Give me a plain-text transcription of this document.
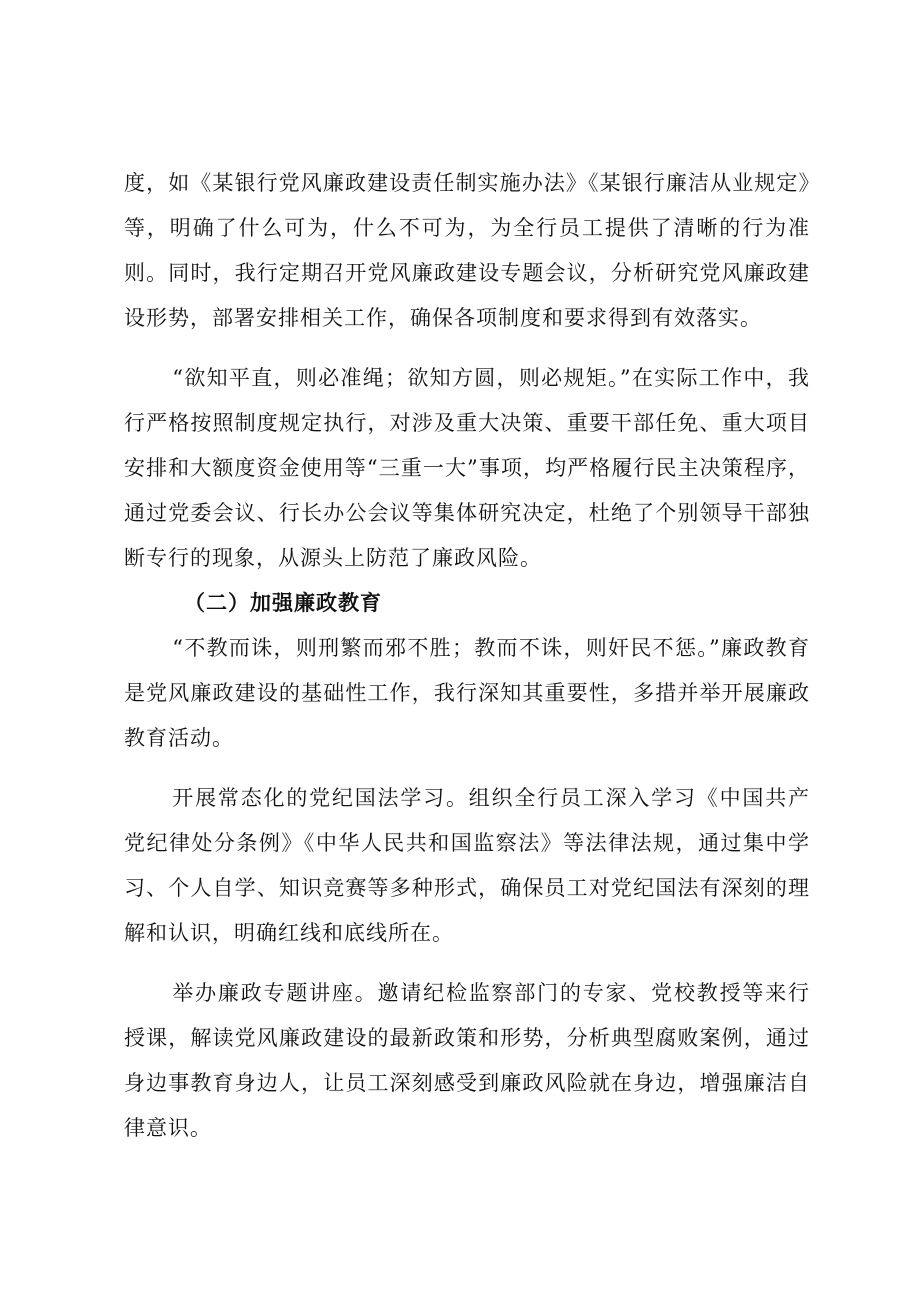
度，如《某银行党风廉政建设责任制实施办法》《某银行廉洁从业规定》等，明确了什么可为，什么不可为，为全行员工提供了清晰的行为准则。同时，我行定期召开党风廉政建设专题会议，分析研究党风廉政建设形势，部署安排相关工作，确保各项制度和要求得到有效落实。

“欲知平直，则必准绳；欲知方圆，则必规矩。”在实际工作中，我行严格按照制度规定执行，对涉及重大决策、重要干部任免、重大项目安排和大额度资金使用等“三重一大”事项，均严格履行民主决策程序，通过党委会议、行长办公会议等集体研究决定，杜绝了个别领导干部独断专行的现象，从源头上防范了廉政风险。

（二）加强廉政教育

“不教而诛，则刑繁而邪不胜；教而不诛，则奸民不惩。”廉政教育是党风廉政建设的基础性工作，我行深知其重要性，多措并举开展廉政教育活动。

开展常态化的党纪国法学习。组织全行员工深入学习《中国共产党纪律处分条例》《中华人民共和国监察法》等法律法规，通过集中学习、个人自学、知识竞赛等多种形式，确保员工对党纪国法有深刻的理解和认识，明确红线和底线所在。

举办廉政专题讲座。邀请纪检监察部门的专家、党校教授等来行授课，解读党风廉政建设的最新政策和形势，分析典型腐败案例，通过身边事教育身边人，让员工深刻感受到廉政风险就在身边，增强廉洁自律意识。
